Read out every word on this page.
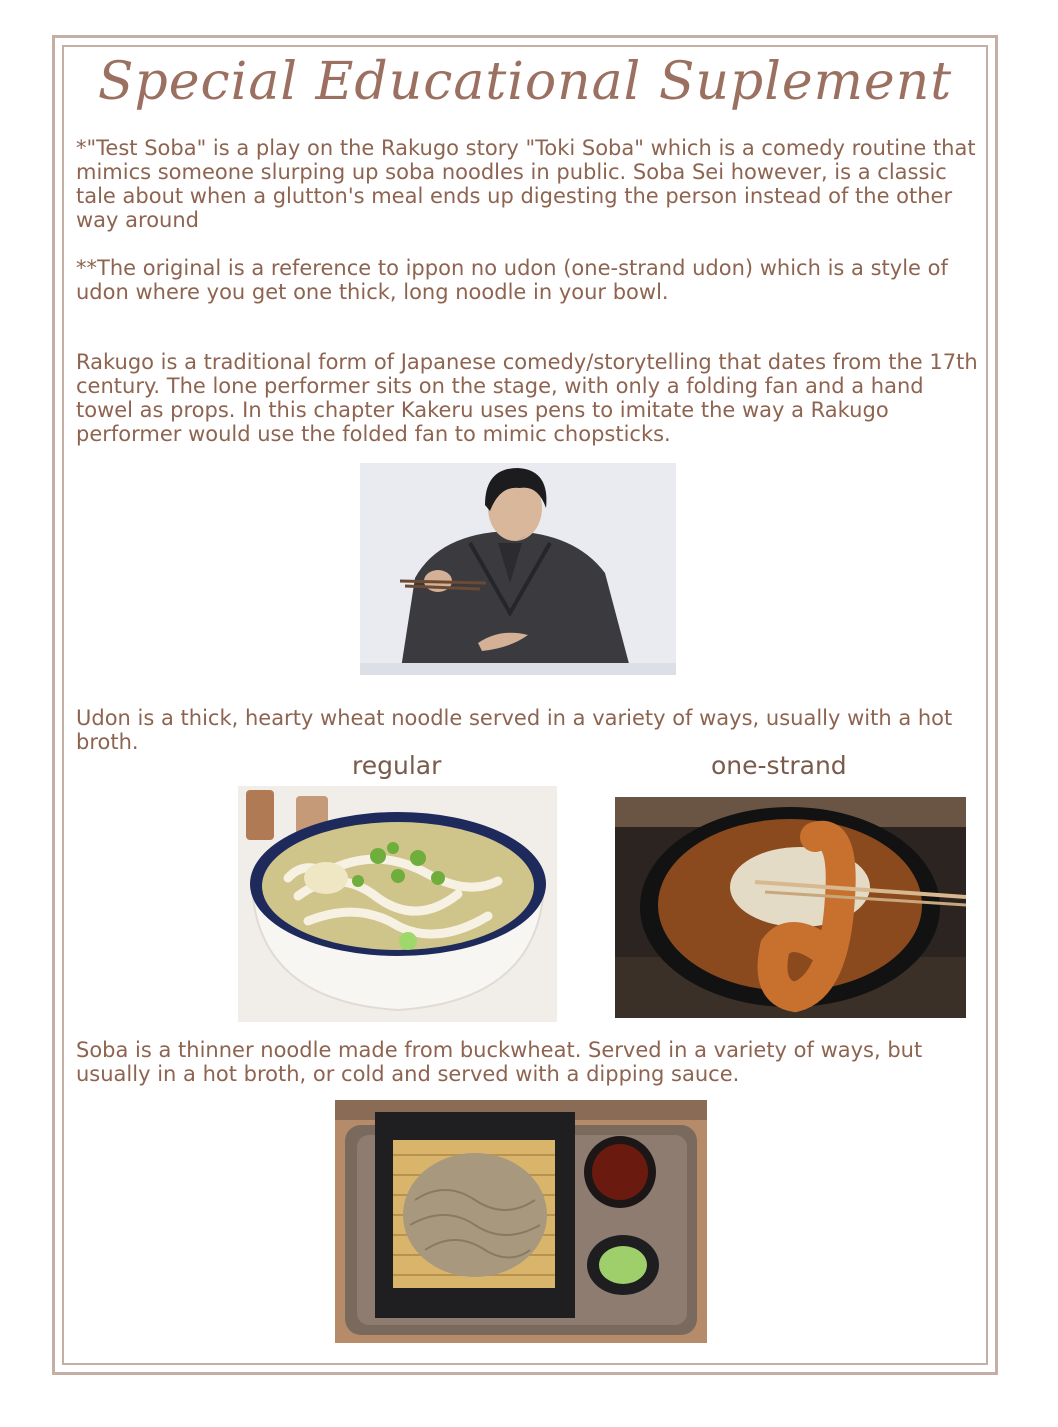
Special Educational Suplement

*"Test Soba" is a play on the Rakugo story "Toki Soba" which is a comedy routine that mimics someone slurping up soba noodles in public. Soba Sei however, is a classic tale about when a glutton's meal ends up digesting the person instead of the other way around

**The original is a reference to ippon no udon (one-strand udon) which is a style of udon where you get one thick, long noodle in your bowl.

Rakugo is a traditional form of Japanese comedy/storytelling that dates from the 17th century. The lone performer sits on the stage, with only a folding fan and a hand towel as props. In this chapter Kakeru uses pens to imitate the way a Rakugo performer would use the folded fan to mimic chopsticks.

Udon is a thick, hearty wheat noodle served in a variety of ways, usually with a hot broth.

regular	one-strand

Soba is a thinner noodle made from buckwheat. Served in a variety of ways, but usually in a hot broth, or cold and served with a dipping sauce.
